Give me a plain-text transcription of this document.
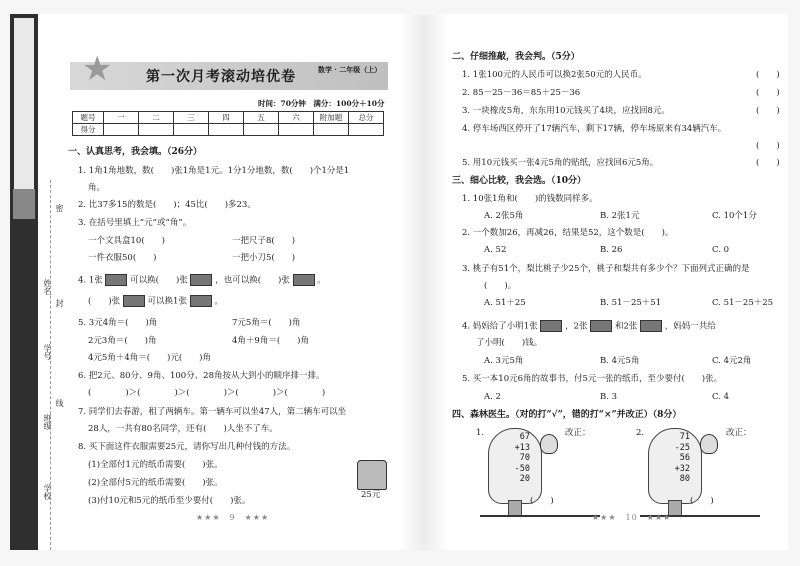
学校
班级
学号
姓名
密
封
线
★ 第一次月考滚动培优卷	数学 · 二年级（上）
时间：70分钟　满分：100分＋10分
题号	一	二	三	四	五	六	附加题	总分
得分								
一、认真思考，我会填。（26分）
1. 1角1角地数，数(　　)张1角是1元。1分1分地数，数(　　)个1分是1
角。
2. 比37多15的数是(　　)；45比(　　)多23。
3. 在括号里填上“元”或“角”。
一个文具盒10(　　)	一把尺子8(　　)
一件衣服50(　　)	一把小刀5(　　)
4. 1张	可以换(　　)张	，也可以换(　　)张	。
(　　)张	可以换1张	。
5. 3元4角＝(　　)角	7元5角＝(　　)角
2元3角＝(　　)角	4角＋9角＝(　　)角
4元5角＋4角＝(　　)元(　　)角
6. 把2元、80分、9角、100分、28角按从大到小的顺序排一排。
(　　　　)＞(　　　　)＞(　　　　)＞(　　　　)＞(　　　　)
7. 同学们去春游，租了两辆车。第一辆车可以坐47人，第二辆车可以坐
28人，一共有80名同学，还有(　　)人坐不了车。
8. 买下面这件衣服需要25元，请你写出几种付钱的方法。
(1)全部付1元的纸币需要(　　)张。
(2)全部付5元的纸币需要(　　)张。
(3)付10元和5元的纸币至少要付(　　)张。
25元
★★★　9　★★★
二、仔细推敲，我会判。（5分）
1. 1张100元的人民币可以换2张50元的人民币。	(　　)
2. 85－25－36＝85＋25－36	(　　)
3. 一块橡皮5角，东东用10元钱买了4块，应找回8元。	(　　)
4. 停车场西区停开了17辆汽车，剩下17辆，停车场原来有34辆汽车。
(　　)
5. 用10元钱买一张4元5角的贴纸，应找回6元5角。	(　　)
三、细心比较，我会选。（10分）
1. 10张1角和(　　)的钱数同样多。
A. 2张5角	B. 2张1元	C. 10个1分
2. 一个数加26，再减26，结果是52，这个数是(　　)。
A. 52	B. 26	C. 0
3. 桃子有51个，梨比桃子少25个，桃子和梨共有多少个？下面列式正确的是
(　　)。
A. 51＋25	B. 51－25＋51	C. 51－25＋25
4. 妈妈给了小明1张	，2张	和2张	，妈妈一共给
了小明(　　)钱。
A. 3元5角	B. 4元5角	C. 4元2角
5. 买一本10元6角的故事书，付5元一张的纸币，至少要付(　　)张。
A. 2	B. 3	C. 4
四、森林医生。（对的打“√”，错的打“×”并改正）（8分）
1.	67
+13
70
-50
20
改正：
(　　)
2.	71
-25
56
+32
80
改正：
(　　)
★★★　10　★★★
